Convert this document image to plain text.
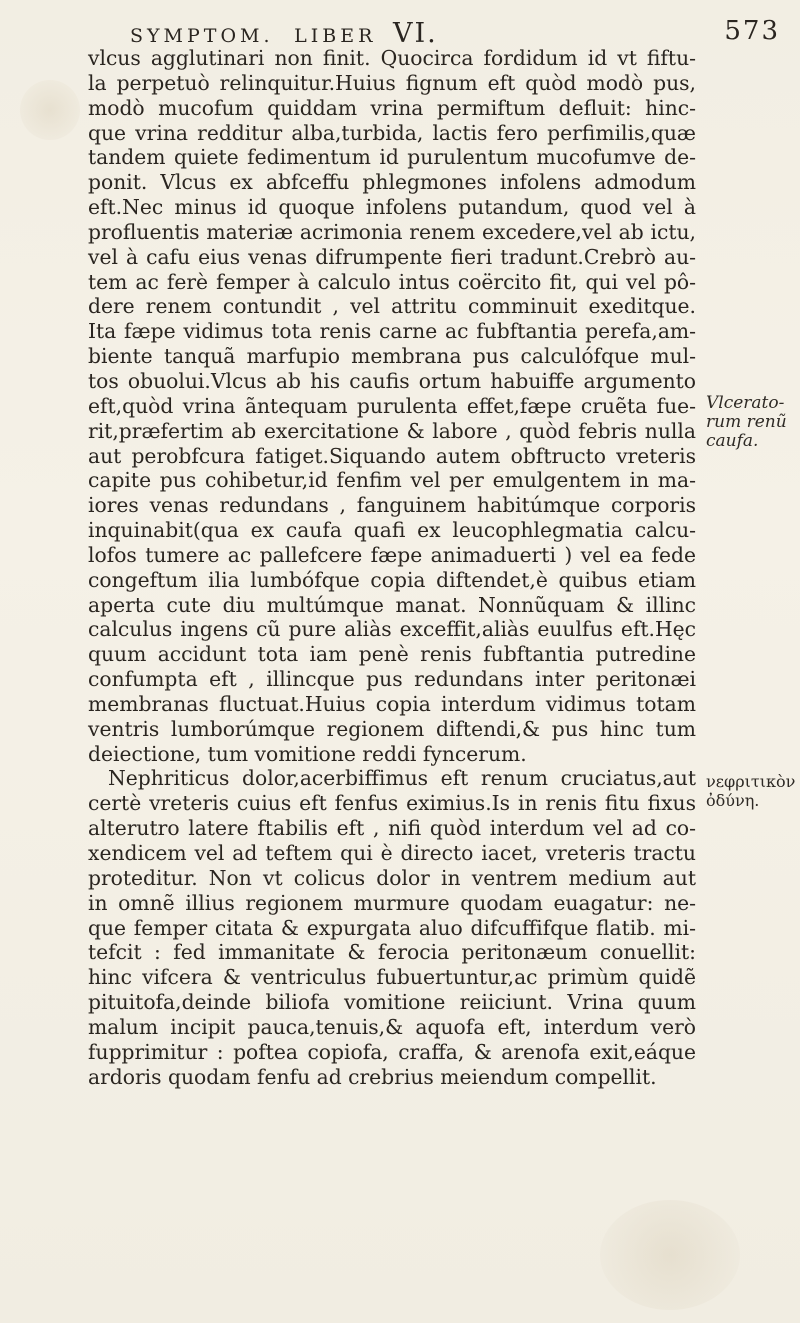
SYMPTOM. LIBER VI.	573
vlcus agglutinari non finit. Quocirca fordidum id vt fiftu-
la perpetuò relinquitur.Huius fignum eft quòd modò pus,
modò mucofum quiddam vrina permiftum defluit: hinc-
que vrina redditur alba,turbida, lactis fero perfimilis,quæ
tandem quiete fedimentum id purulentum mucofumve de-
ponit. Vlcus ex abfceffu phlegmones infolens admodum
eft.Nec minus id quoque infolens putandum, quod vel à
profluentis materiæ acrimonia renem excedere,vel ab ictu,
vel à cafu eius venas difrumpente fieri tradunt.Crebrò au-
tem ac ferè femper à calculo intus coërcito fit, qui vel pô-
dere renem contundit , vel attritu comminuit exeditque.
Ita fæpe vidimus tota renis carne ac fubftantia perefa,am-
biente tanquã marfupio membrana pus calculófque mul-
tos obuolui.Vlcus ab his caufis ortum habuiffe argumento
eft,quòd vrina ãntequam purulenta effet,fæpe cruẽta fue-
rit,præfertim ab exercitatione & labore , quòd febris nulla
aut perobfcura fatiget.Siquando autem obftructo vreteris
capite pus cohibetur,id fenfim vel per emulgentem in ma-
iores venas redundans , fanguinem habitúmque corporis
inquinabit(qua ex caufa quafi ex leucophlegmatia calcu-
lofos tumere ac pallefcere fæpe animaduerti ) vel ea fede
congeftum ilia lumbófque copia diftendet,è quibus etiam
aperta cute diu multúmque manat. Nonnũquam & illinc
calculus ingens cũ pure aliàs exceffit,aliàs euulfus eft.Hęc
quum accidunt tota iam penè renis fubftantia putredine
confumpta eft , illincque pus redundans inter peritonæi
membranas fluctuat.Huius copia interdum vidimus totam
ventris lumborúmque regionem diftendi,& pus hinc tum
deiectione, tum vomitione reddi fyncerum.
Nephriticus dolor,acerbiffimus eft renum cruciatus,aut
certè vreteris cuius eft fenfus eximius.Is in renis fitu fixus
alterutro latere ftabilis eft , nifi quòd interdum vel ad co-
xendicem vel ad teftem qui è directo iacet, vreteris tractu
proteditur. Non vt colicus dolor in ventrem medium aut
in omnẽ illius regionem murmure quodam euagatur: ne-
que femper citata & expurgata aluo difcuffifque flatib. mi-
tefcit : fed immanitate & ferocia peritonæum conuellit:
hinc vifcera & ventriculus fubuertuntur,ac primùm quidẽ
pituitofa,deinde biliofa vomitione reiiciunt. Vrina quum
malum incipit pauca,tenuis,& aquofa eft, interdum verò
fupprimitur : poftea copiofa, craffa, & arenofa exit,eáque
ardoris quodam fenfu ad crebrius meiendum compellit.
Vlcerato-
rum renũ
caufa.
νεφριτικὸν
ὀδύνη.
